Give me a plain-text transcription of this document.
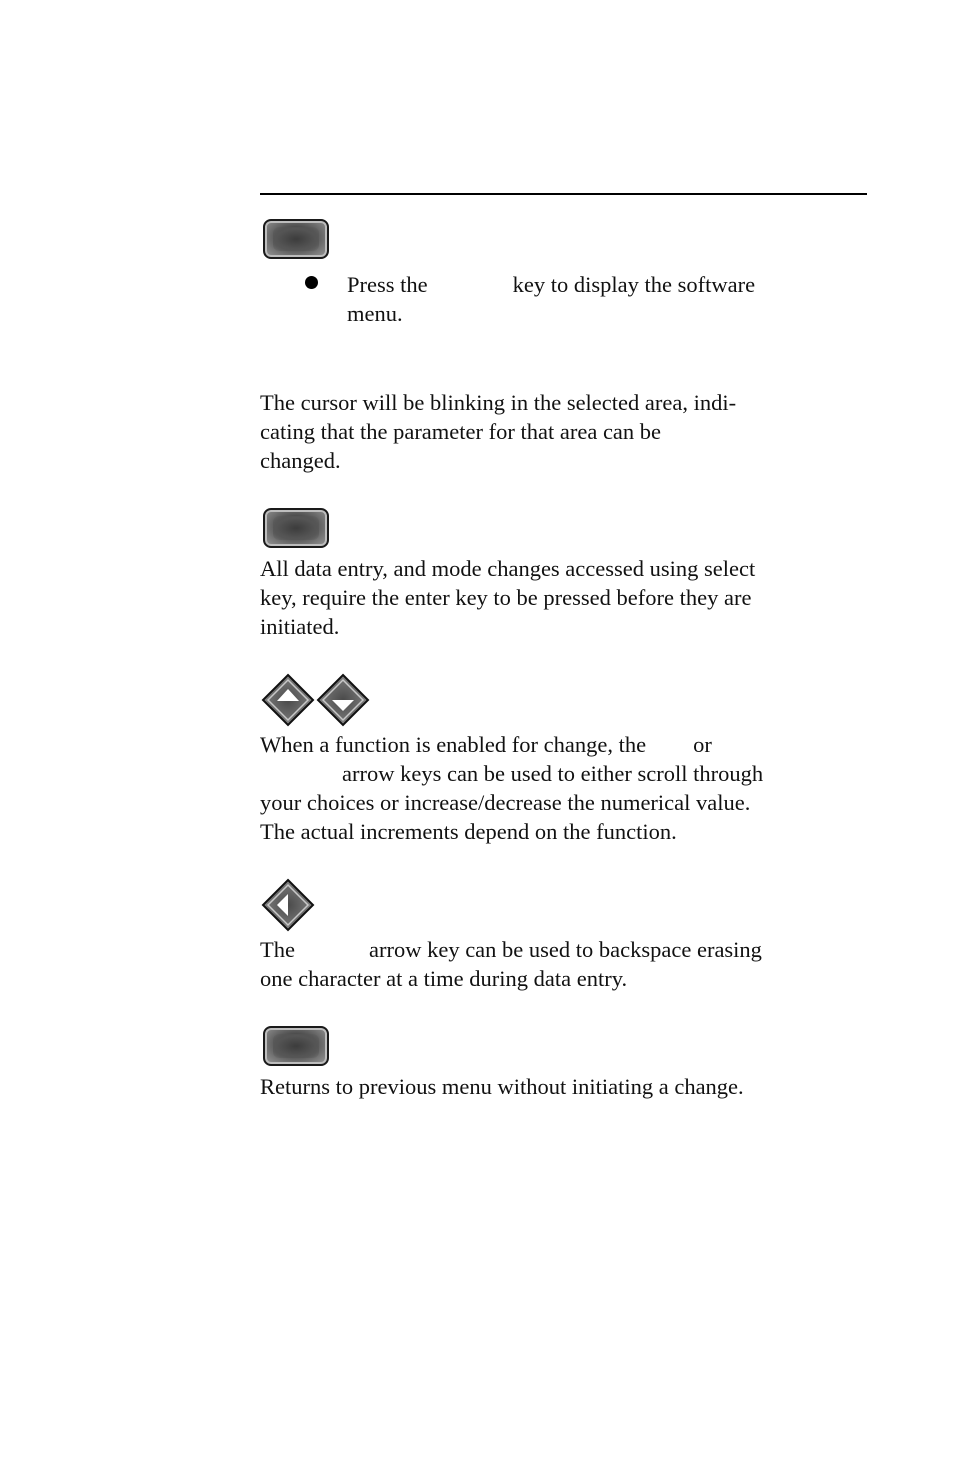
Press the	key to display the software
menu.

The cursor will be blinking in the selected area, indi-
cating that the parameter for that area can be
changed.

All data entry, and mode changes accessed using select
key, require the enter key to be pressed before they are
initiated.

When a function is enabled for change, the or
arrow keys can be used to either scroll through
your choices or increase/decrease the numerical value.
The actual increments depend on the function.

The	arrow key can be used to backspace erasing
one character at a time during data entry.

Returns to previous menu without initiating a change.
